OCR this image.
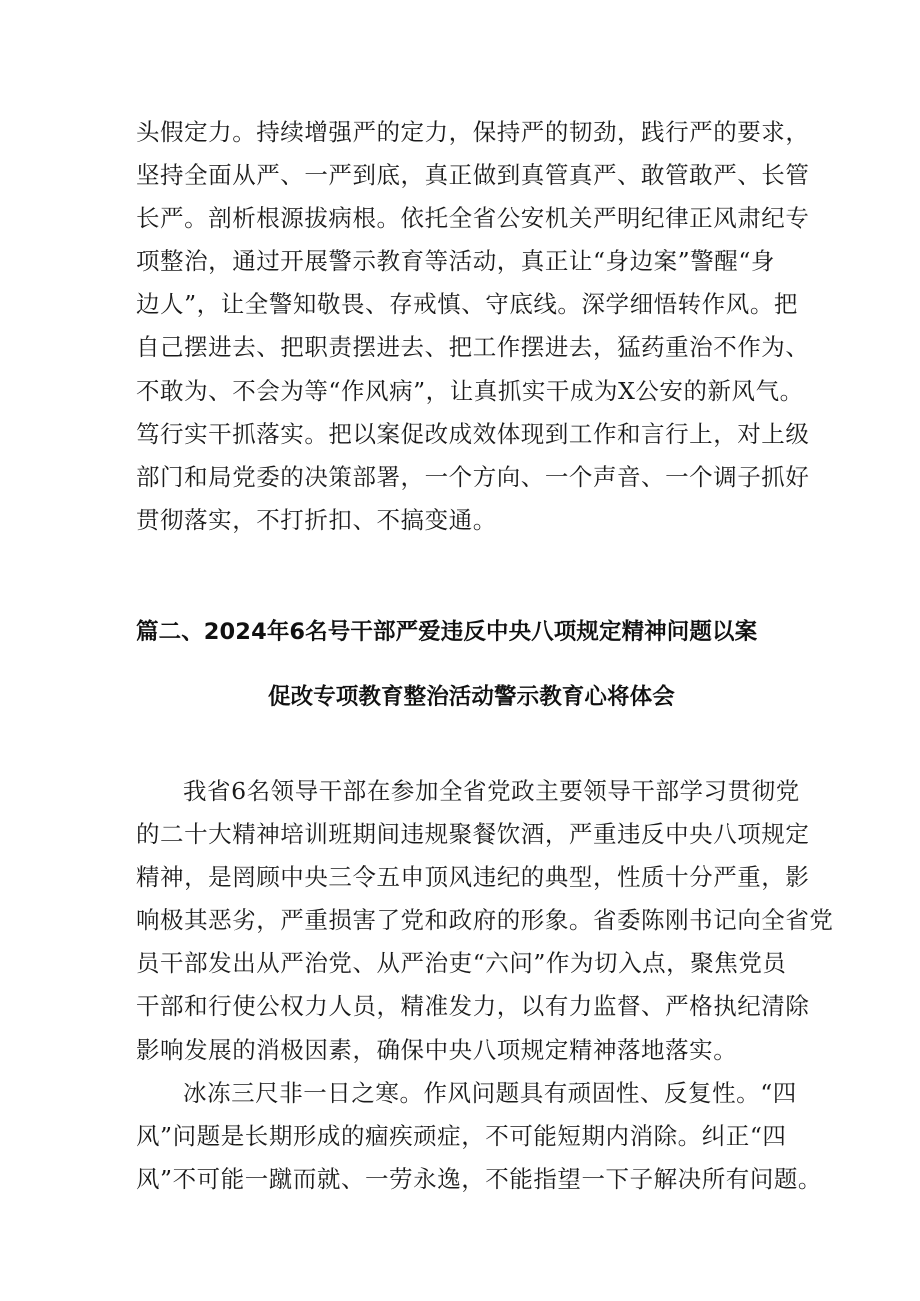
头假定力。持续增强严的定力，保持严的韧劲，践行严的要求，
坚持全面从严、一严到底，真正做到真管真严、敢管敢严、长管
长严。剖析根源拔病根。依托全省公安机关严明纪律正风肃纪专
项整治，通过开展警示教育等活动，真正让“身边案”警醒“身
边人”，让全警知敬畏、存戒慎、守底线。深学细悟转作风。把
自己摆进去、把职责摆进去、把工作摆进去，猛药重治不作为、
不敢为、不会为等“作风病”，让真抓实干成为X公安的新风气。
笃行实干抓落实。把以案促改成效体现到工作和言行上，对上级
部门和局党委的决策部署，一个方向、一个声音、一个调子抓好
贯彻落实，不打折扣、不搞变通。
篇二、2024年6名号干部严爱违反中央八项规定精神问题以案
促改专项教育整治活动警示教育心将体会
我省6名领导干部在参加全省党政主要领导干部学习贯彻党
的二十大精神培训班期间违规聚餐饮酒，严重违反中央八项规定
精神，是罔顾中央三令五申顶风违纪的典型，性质十分严重，影
响极其恶劣，严重损害了党和政府的形象。省委陈刚书记向全省党
员干部发出从严治党、从严治吏“六问”作为切入点，聚焦党员
干部和行使公权力人员，精准发力，以有力监督、严格执纪清除
影响发展的消极因素，确保中央八项规定精神落地落实。
冰冻三尺非一日之寒。作风问题具有顽固性、反复性。“四
风”问题是长期形成的痼疾顽症，不可能短期内消除。纠正“四
风”不可能一蹴而就、一劳永逸，不能指望一下子解决所有问题。
